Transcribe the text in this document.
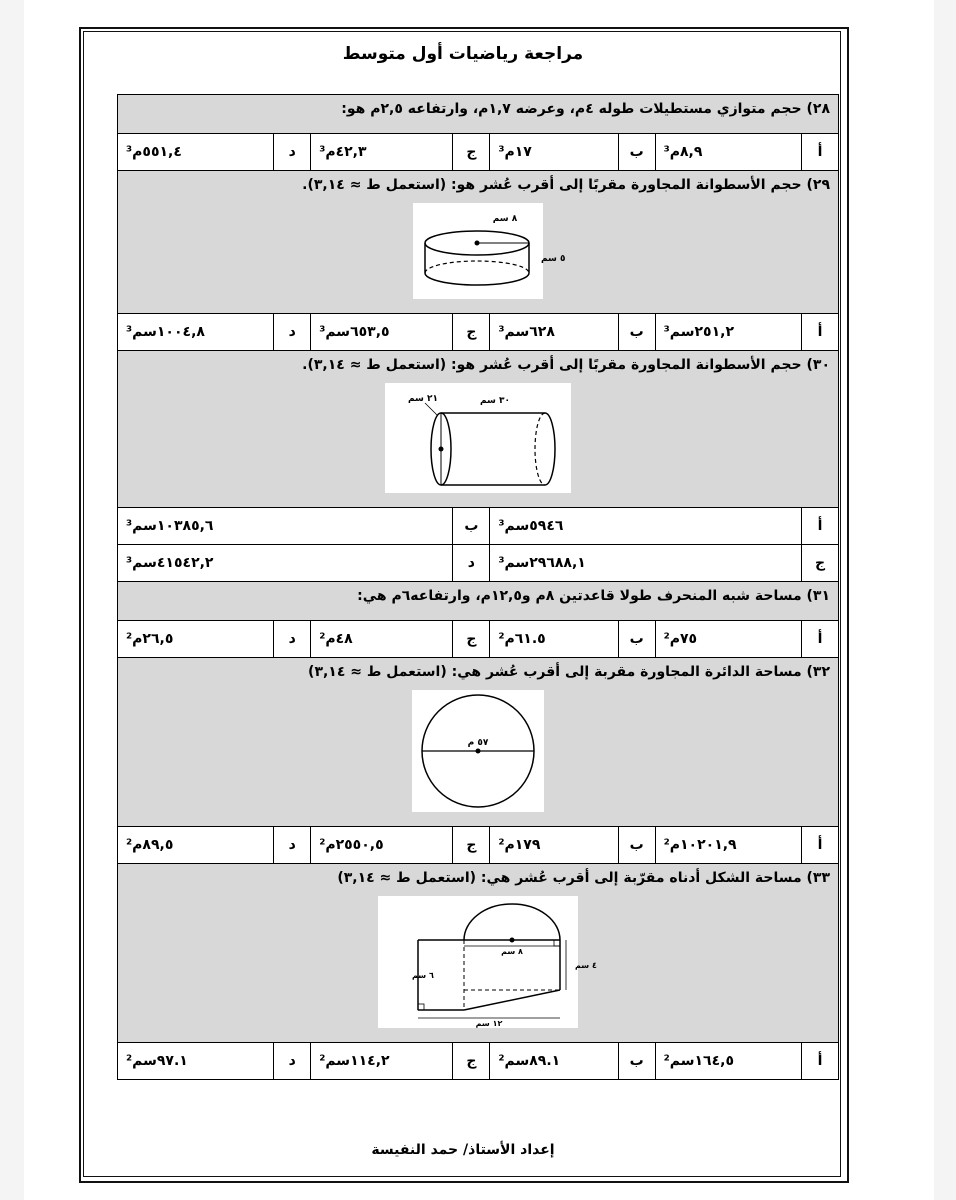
مراجعة رياضيات أول متوسط
٢٨) حجم متوازي مستطيلات طوله ٤م، وعرضه ١,٧م، وارتفاعه ٢,٥م هو:							
أ	٨,٩م³	ب	١٧م³	ج	٤٢,٣م³	د	٥٥١,٤م³

٢٩) حجم الأسطوانة المجاورة مقربًا إلى أقرب عُشر هو: (استعمل ط ≈ ٣,١٤).
٨ سم
٥ سم							

أ	٢٥١,٢سم³	ب	٦٢٨سم³	ج	٦٥٣,٥سم³	د	١٠٠٤,٨سم³

٣٠) حجم الأسطوانة المجاورة مقربًا إلى أقرب عُشر هو: (استعمل ط ≈ ٣,١٤).
٢١ سم ٣٠ سم							

أ	٥٩٤٦سم³			ب	١٠٣٨٥,٦سم³		
ج	٢٩٦٨٨,١سم³			د	٤١٥٤٢,٢سم³		
٣١) مساحة شبه المنحرف طولا قاعدتين ٨م و١٢,٥م، وارتفاعه٦م هي:							
أ	٧٥م²	ب	٦١.٥م²	ج	٤٨م²	د	٢٦,٥م²

٣٢) مساحة الدائرة المجاورة مقربة إلى أقرب عُشر هي: (استعمل ط ≈ ٣,١٤)
٥٧ م							

أ	١٠٢٠١,٩م²	ب	١٧٩م²	ج	٢٥٥٠,٥م²	د	٨٩,٥م²

٣٣) مساحة الشكل أدناه مقرّبة إلى أقرب عُشر هي: (استعمل ط ≈ ٣,١٤)
٨ سم
٤ سم
٦ سم
١٢ سم							

أ	١٦٤,٥سم²	ب	٨٩.١سم²	ج	١١٤,٢سم²	د	٩٧.١سم²
إعداد الأستاذ/ حمد النفيسة
